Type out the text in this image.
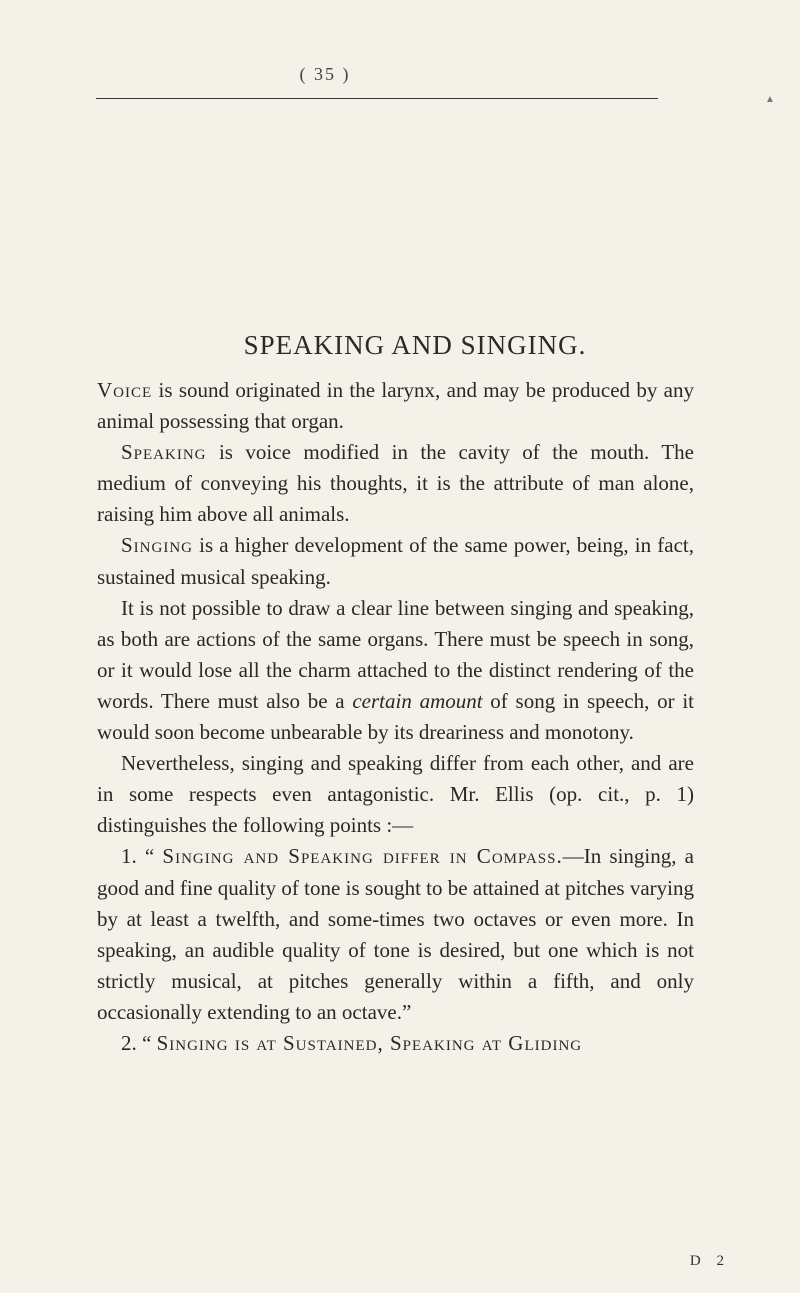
( 35 )
▲
SPEAKING AND SINGING.

Voice is sound originated in the larynx, and may be produced by any animal possessing that organ.

Speaking is voice modified in the cavity of the mouth. The medium of conveying his thoughts, it is the attribute of man alone, raising him above all animals.

Singing is a higher development of the same power, being, in fact, sustained musical speaking.

It is not possible to draw a clear line between singing and speaking, as both are actions of the same organs. There must be speech in song, or it would lose all the charm attached to the distinct rendering of the words. There must also be a certain amount of song in speech, or it would soon become unbearable by its dreariness and monotony.

Nevertheless, singing and speaking differ from each other, and are in some respects even antagonistic. Mr. Ellis (op. cit., p. 1) distinguishes the following points :—

1. “ Singing and Speaking differ in Compass.—In singing, a good and fine quality of tone is sought to be attained at pitches varying by at least a twelfth, and some-times two octaves or even more. In speaking, an audible quality of tone is desired, but one which is not strictly musical, at pitches generally within a fifth, and only occasionally extending to an octave.”

2. “ Singing is at Sustained, Speaking at Gliding

D 2
